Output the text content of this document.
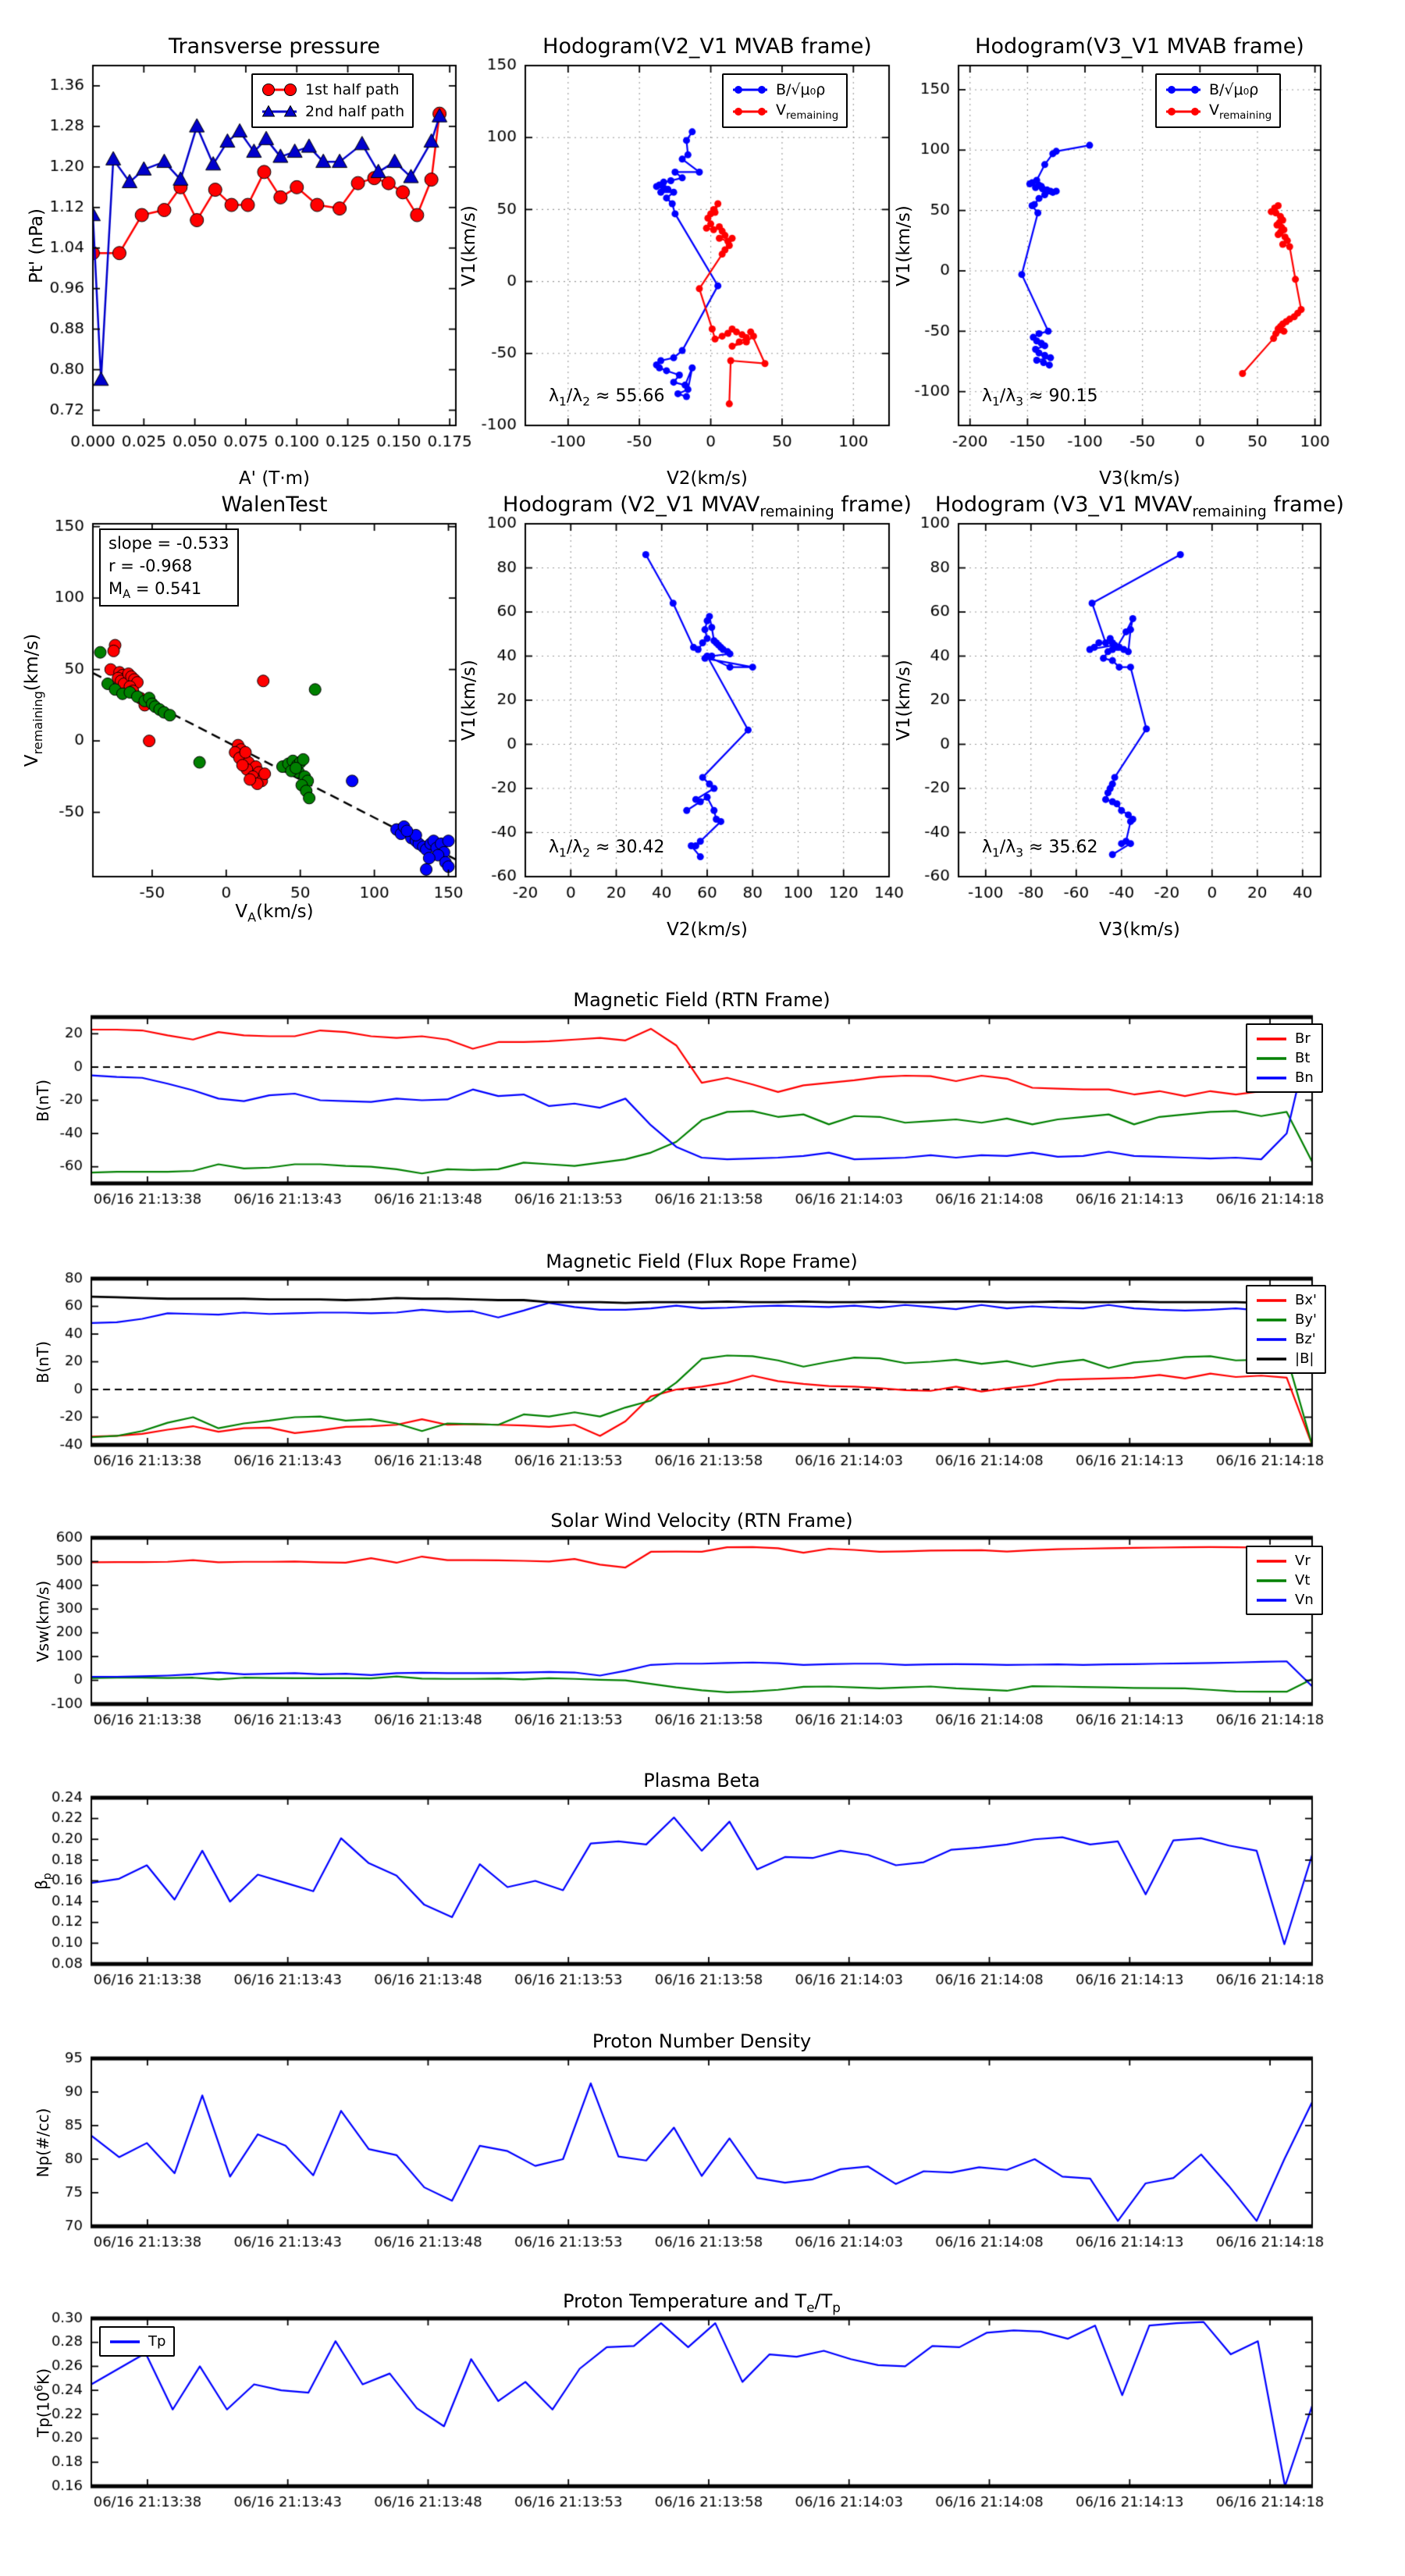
Transverse pressure
A' (T·m)
Pt' (nPa)
1st half path
2nd half path
Hodogram(V2_V1 MVAB frame)
V2(km/s)
V1(km/s)
$\lambda_1/\lambda_2 \approx 55.66$
B/√μ₀ρ
$V_{remaining}$
Hodogram(V3_V1 MVAB frame)
V3(km/s)
V1(km/s)
$\lambda_1/\lambda_3 \approx 90.15$
B/√μ₀ρ
$V_{remaining}$
WalenTest
$V_A(km/s)$
$V_{remaining}(km/s)$
slope = -0.533
r = -0.968
$M_A = 0.541$
Hodogram (V2_V1 $MVAV_{remaining}$ frame)
V2(km/s)
V1(km/s)
$\lambda_1/\lambda_2 \approx 30.42$
Hodogram (V3_V1 $MVAV_{remaining}$ frame)
V3(km/s)
V1(km/s)
$\lambda_1/\lambda_3 \approx 35.62$
Magnetic Field (RTN Frame)
B(nT)
Br
Bt
Bn
Magnetic Field (Flux Rope Frame)
B(nT)
Bx'
By'
Bz'
|B|
Solar Wind Velocity (RTN Frame)
Vsw(km/s)
Vr
Vt
Vn
Plasma Beta
$\beta_p$
Proton Number Density
Np(#/cc)
Proton Temperature and $T_e/T_p$
$Tp(10^6K)$
Tp
